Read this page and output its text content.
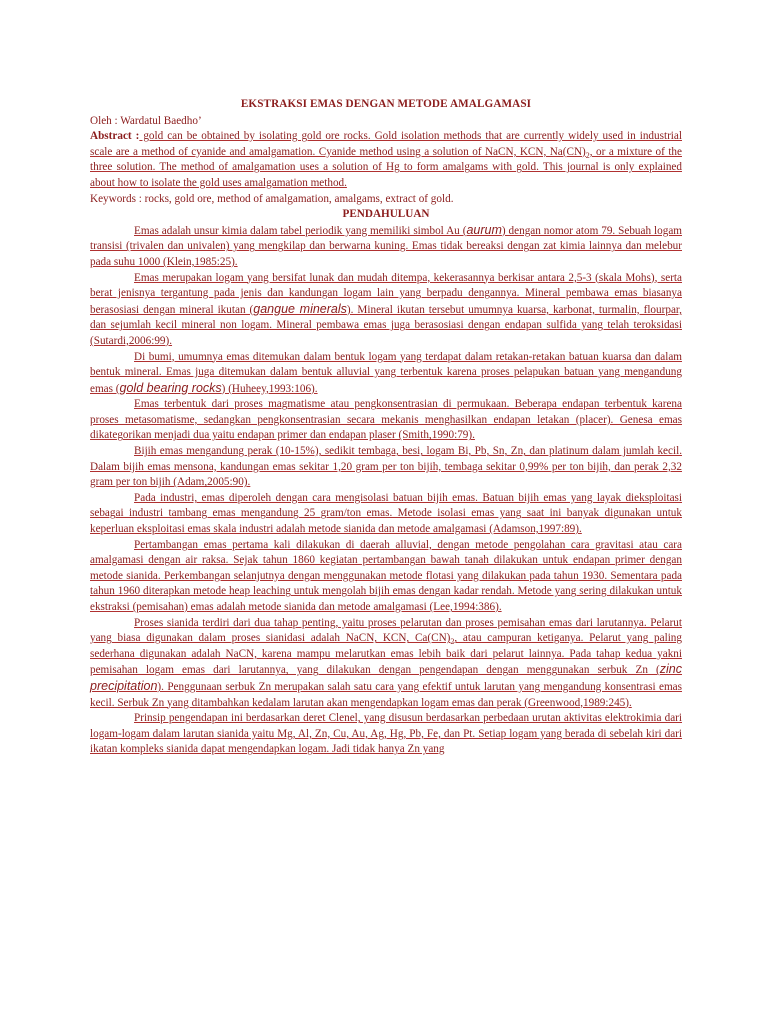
EKSTRAKSI EMAS DENGAN METODE AMALGAMASI

Oleh : Wardatul Baedho’

Abstract : gold can be obtained by isolating gold ore rocks. Gold isolation methods that are currently widely used in industrial scale are a method of cyanide and amalgamation. Cyanide method using a solution of NaCN, KCN, $Na(CN)_2$, or a mixture of the three solution. The method of amalgamation uses a solution of Hg to form amalgams with gold. This journal is only explained about how to isolate the gold uses amalgamation method.

Keywords : rocks, gold ore, method of amalgamation, amalgams, extract of gold.

PENDAHULUAN

Emas adalah unsur kimia dalam tabel periodik yang memiliki simbol Au (aurum) dengan nomor atom 79. Sebuah logam transisi (trivalen dan univalen) yang mengkilap dan berwarna kuning. Emas tidak bereaksi dengan zat kimia lainnya dan melebur pada suhu 1000 (Klein,1985:25).

Emas merupakan logam yang bersifat lunak dan mudah ditempa, kekerasannya berkisar antara 2,5-3 (skala Mohs), serta berat jenisnya tergantung pada jenis dan kandungan logam lain yang berpadu dengannya. Mineral pembawa emas biasanya berasosiasi dengan mineral ikutan (gangue minerals). Mineral ikutan tersebut umumnya kuarsa, karbonat, turmalin, flourpar, dan sejumlah kecil mineral non logam. Mineral pembawa emas juga berasosiasi dengan endapan sulfida yang telah teroksidasi (Sutardi,2006:99).

Di bumi, umumnya emas ditemukan dalam bentuk logam yang terdapat dalam retakan-retakan batuan kuarsa dan dalam bentuk mineral. Emas juga ditemukan dalam bentuk alluvial yang terbentuk karena proses pelapukan batuan yang mengandung emas (gold bearing rocks) (Huheey,1993:106).

Emas terbentuk dari proses magmatisme atau pengkonsentrasian di permukaan. Beberapa endapan terbentuk karena proses metasomatisme, sedangkan pengkonsentrasian secara mekanis menghasilkan endapan letakan (placer). Genesa emas dikategorikan menjadi dua yaitu endapan primer dan endapan plaser (Smith,1990:79).

Bijih emas mengandung perak (10-15%), sedikit tembaga, besi, logam Bi, Pb, Sn, Zn, dan platinum dalam jumlah kecil. Dalam bijih emas mensona, kandungan emas sekitar 1,20 gram per ton bijih, tembaga sekitar 0,99% per ton bijih, dan perak 2,32 gram per ton bijih (Adam,2005:90).

Pada industri, emas diperoleh dengan cara mengisolasi batuan bijih emas. Batuan bijih emas yang layak dieksploitasi sebagai industri tambang emas mengandung 25 gram/ton emas. Metode isolasi emas yang saat ini banyak digunakan untuk keperluan eksploitasi emas skala industri adalah metode sianida dan metode amalgamasi (Adamson,1997:89).

Pertambangan emas pertama kali dilakukan di daerah alluvial, dengan metode pengolahan cara gravitasi atau cara amalgamasi dengan air raksa. Sejak tahun 1860 kegiatan pertambangan bawah tanah dilakukan untuk endapan primer dengan metode sianida. Perkembangan selanjutnya dengan menggunakan metode flotasi yang dilakukan pada tahun 1930. Sementara pada tahun 1960 diterapkan metode heap leaching untuk mengolah bijih emas dengan kadar rendah. Metode yang sering dilakukan untuk ekstraksi (pemisahan) emas adalah metode sianida dan metode amalgamasi (Lee,1994:386).

Proses sianida terdiri dari dua tahap penting, yaitu proses pelarutan dan proses pemisahan emas dari larutannya. Pelarut yang biasa digunakan dalam proses sianidasi adalah NaCN, KCN, $Ca(CN)_2$, atau campuran ketiganya. Pelarut yang paling sederhana digunakan adalah NaCN, karena mampu melarutkan emas lebih baik dari pelarut lainnya. Pada tahap kedua yakni pemisahan logam emas dari larutannya, yang dilakukan dengan pengendapan dengan menggunakan serbuk Zn (zinc precipitation). Penggunaan serbuk Zn merupakan salah satu cara yang efektif untuk larutan yang mengandung konsentrasi emas kecil. Serbuk Zn yang ditambahkan kedalam larutan akan mengendapkan logam emas dan perak (Greenwood,1989:245).

Prinsip pengendapan ini berdasarkan deret Clenel, yang disusun berdasarkan perbedaan urutan aktivitas elektrokimia dari logam-logam dalam larutan sianida yaitu Mg, Al, Zn, Cu, Au, Ag, Hg, Pb, Fe, dan Pt. Setiap logam yang berada di sebelah kiri dari ikatan kompleks sianida dapat mengendapkan logam. Jadi tidak hanya Zn yang
